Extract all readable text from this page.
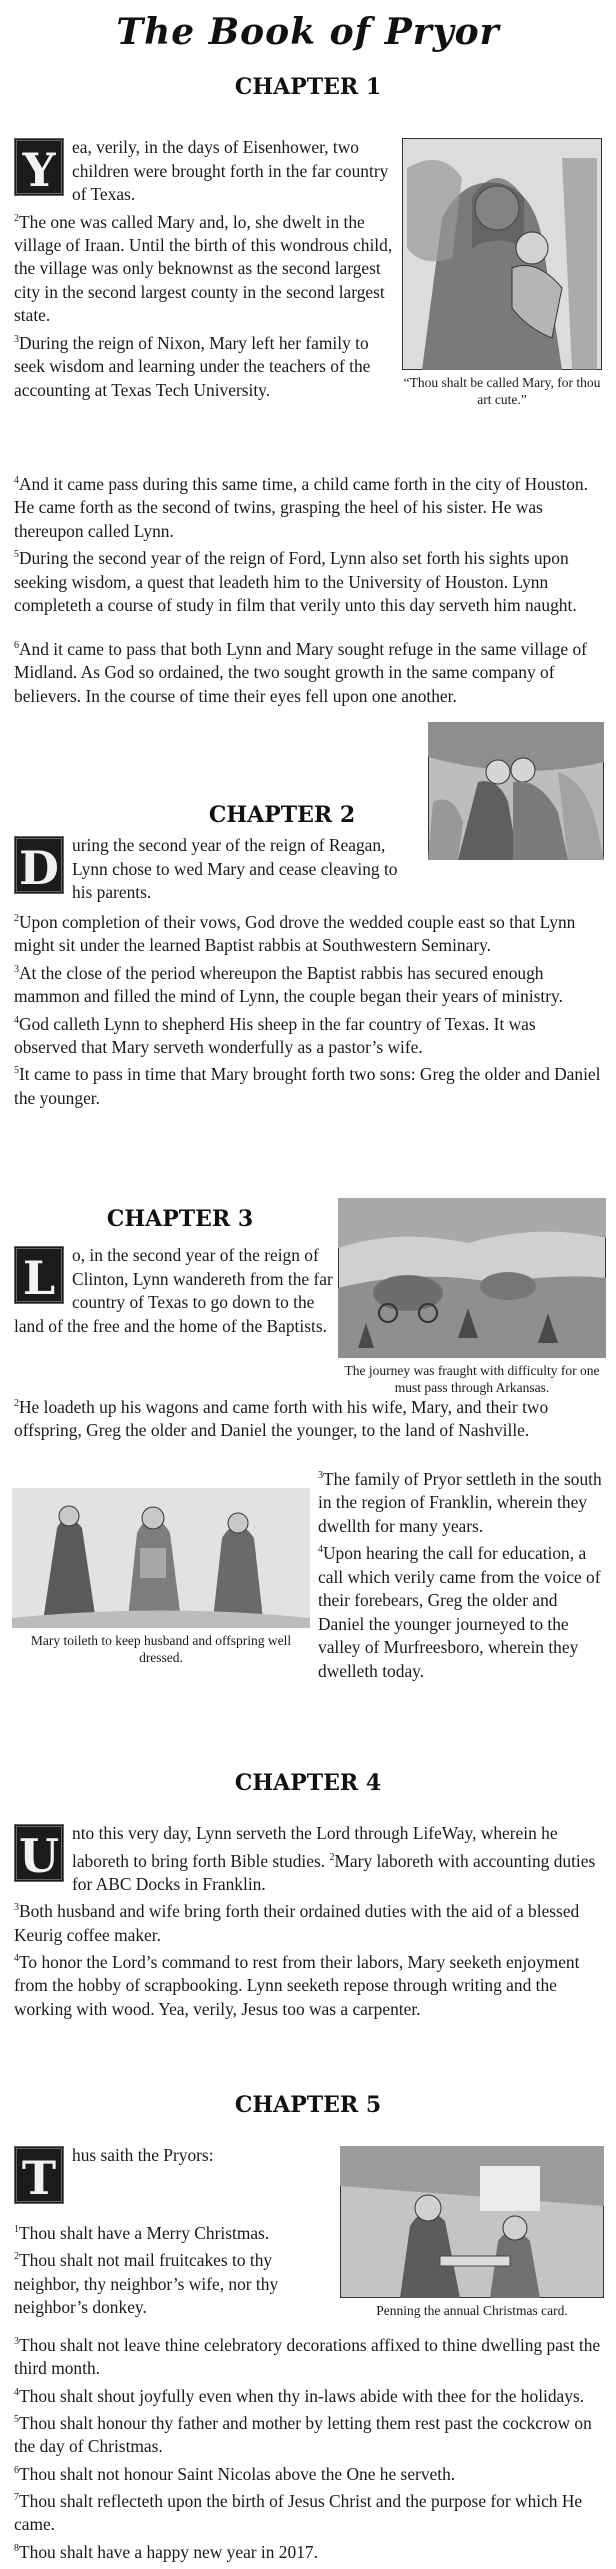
The Book of Pryor
CHAPTER 1
“Thou shalt be called Mary, for thou art cute.”

Y ea, verily, in the days of Eisenhower, two children were brought forth in the far country of Texas.

$^2$The one was called Mary and, lo, she dwelt in the village of Iraan. Until the birth of this wondrous child, the village was only beknownst as the second largest city in the second largest county in the second largest state.

$^3$During the reign of Nixon, Mary left her family to seek wisdom and learning under the teachers of the accounting at Texas Tech University.

$^4$And it came pass during this same time, a child came forth in the city of Houston. He came forth as the second of twins, grasping the heel of his sister. He was thereupon called Lynn.

$^5$During the second year of the reign of Ford, Lynn also set forth his sights upon seeking wisdom, a quest that leadeth him to the University of Houston. Lynn completeth a course of study in film that verily unto this day serveth him naught.

$^6$And it came to pass that both Lynn and Mary sought refuge in the same village of Midland. As God so ordained, the two sought growth in the same company of believers. In the course of time their eyes fell upon one another.

CHAPTER 2

D uring the second year of the reign of Reagan, Lynn chose to wed Mary and cease cleaving to his parents.

$^2$Upon completion of their vows, God drove the wedded couple east so that Lynn might sit under the learned Baptist rabbis at Southwestern Seminary.

$^3$At the close of the period whereupon the Baptist rabbis has secured enough mammon and filled the mind of Lynn, the couple began their years of ministry.

$^4$God calleth Lynn to shepherd His sheep in the far country of Texas. It was observed that Mary serveth wonderfully as a pastor’s wife.

$^5$It came to pass in time that Mary brought forth two sons: Greg the older and Daniel the younger.

CHAPTER 3
The journey was fraught with difficulty for one must pass through Arkansas.

L o, in the second year of the reign of Clinton, Lynn wandereth from the far country of Texas to go down to the land of the free and the home of the Baptists.

$^2$He loadeth up his wagons and came forth with his wife, Mary, and their two offspring, Greg the older and Daniel the younger, to the land of Nashville.

Mary toileth to keep husband and offspring well dressed.

$^3$The family of Pryor settleth in the south in the region of Franklin, wherein they dwellth for many years.

$^4$Upon hearing the call for education, a call which verily came from the voice of their forebears, Greg the older and Daniel the younger journeyed to the valley of Murfreesboro, wherein they dwelleth today.

CHAPTER 4

U nto this very day, Lynn serveth the Lord through LifeWay, wherein he laboreth to bring forth Bible studies. $^2$Mary laboreth with accounting duties for ABC Docks in Franklin.

$^3$Both husband and wife bring forth their ordained duties with the aid of a blessed Keurig coffee maker.

$^4$To honor the Lord’s command to rest from their labors, Mary seeketh enjoyment from the hobby of scrapbooking. Lynn seeketh repose through writing and the working with wood. Yea, verily, Jesus too was a carpenter.

CHAPTER 5
Penning the annual Christmas card.

T hus saith the Pryors:

$^1$Thou shalt have a Merry Christmas.

$^2$Thou shalt not mail fruitcakes to thy neighbor, thy neighbor’s wife, nor thy neighbor’s donkey.

$^3$Thou shalt not leave thine celebratory decorations affixed to thine dwelling past the third month.

$^4$Thou shalt shout joyfully even when thy in-laws abide with thee for the holidays.

$^5$Thou shalt honour thy father and mother by letting them rest past the cockcrow on the day of Christmas.

$^6$Thou shalt not honour Saint Nicolas above the One he serveth.

$^7$Thou shalt reflecteth upon the birth of Jesus Christ and the purpose for which He came.

$^8$Thou shalt have a happy new year in 2017.
